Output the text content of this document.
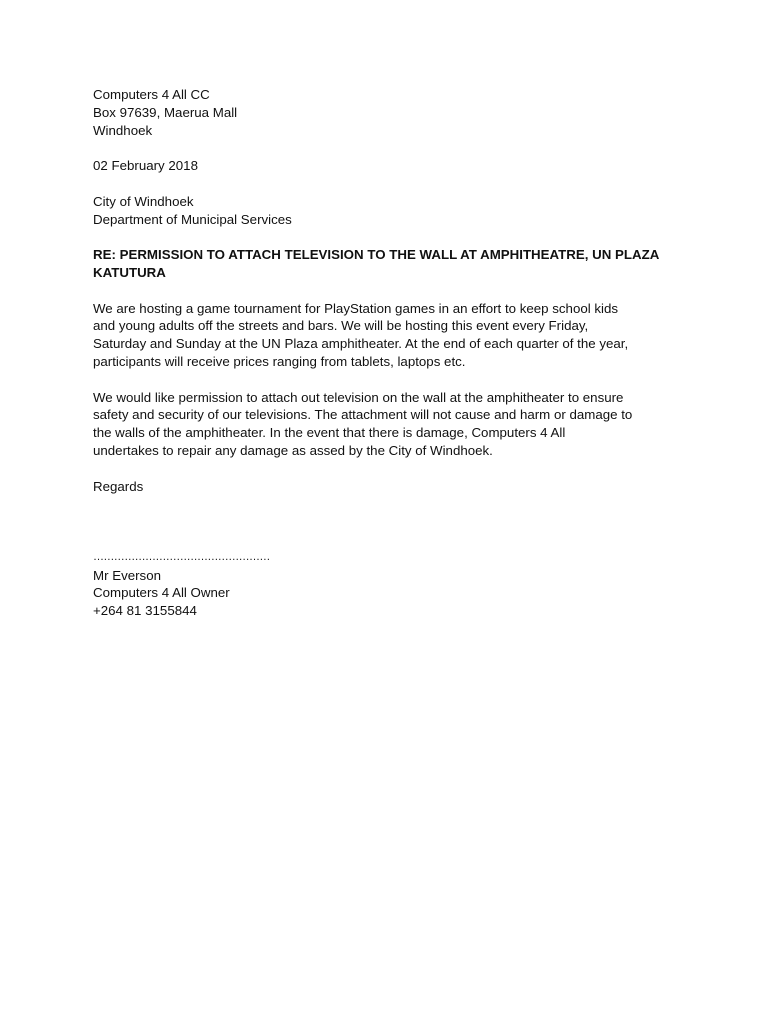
Computers 4 All CC
Box 97639, Maerua Mall
Windhoek
02 February 2018
City of Windhoek
Department of Municipal Services
RE: PERMISSION TO ATTACH TELEVISION TO THE WALL AT AMPHITHEATRE, UN PLAZA
KATUTURA
We are hosting a game tournament for PlayStation games in an effort to keep school kids
and young adults off the streets and bars. We will be hosting this event every Friday,
Saturday and Sunday at the UN Plaza amphitheater. At the end of each quarter of the year,
participants will receive prices ranging from tablets, laptops etc.
We would like permission to attach out television on the wall at the amphitheater to ensure
safety and security of our televisions. The attachment will not cause and harm or damage to
the walls of the amphitheater. In the event that there is damage, Computers 4 All
undertakes to repair any damage as assed by the City of Windhoek.
Regards
……………………………………………
Mr Everson
Computers 4 All Owner
+264 81 3155844
